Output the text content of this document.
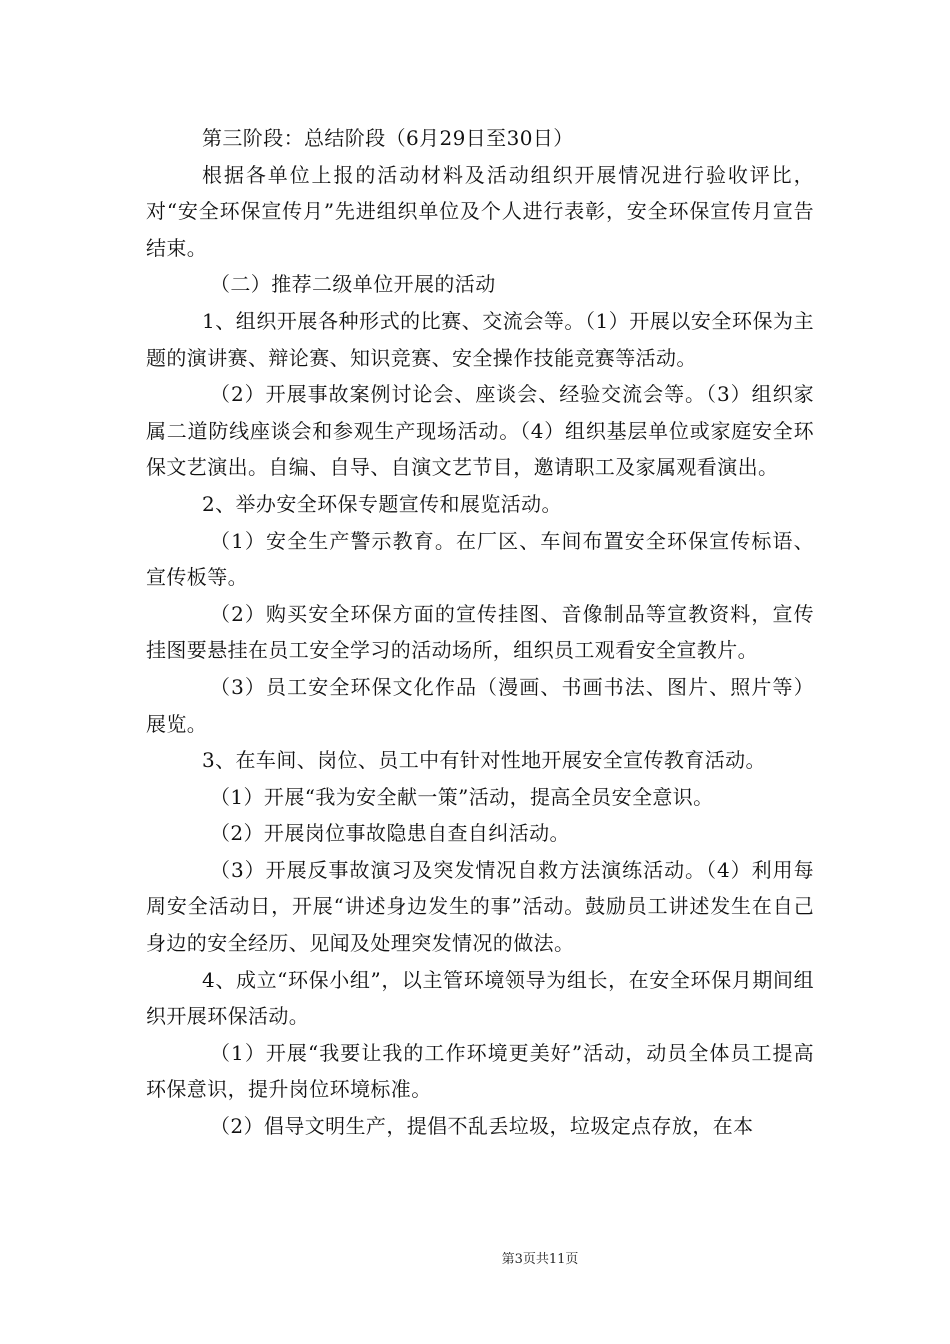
第三阶段：总结阶段（6月29日至30日）

根据各单位上报的活动材料及活动组织开展情况进行验收评比，对“安全环保宣传月”先进组织单位及个人进行表彰，安全环保宣传月宣告结束。

（二）推荐二级单位开展的活动

1、组织开展各种形式的比赛、交流会等。（1）开展以安全环保为主题的演讲赛、辩论赛、知识竞赛、安全操作技能竞赛等活动。

（2）开展事故案例讨论会、座谈会、经验交流会等。（3）组织家属二道防线座谈会和参观生产现场活动。（4）组织基层单位或家庭安全环保文艺演出。自编、自导、自演文艺节目，邀请职工及家属观看演出。

2、举办安全环保专题宣传和展览活动。

（1）安全生产警示教育。在厂区、车间布置安全环保宣传标语、宣传板等。

（2）购买安全环保方面的宣传挂图、音像制品等宣教资料，宣传挂图要悬挂在员工安全学习的活动场所，组织员工观看安全宣教片。

（3）员工安全环保文化作品（漫画、书画书法、图片、照片等）展览。

3、在车间、岗位、员工中有针对性地开展安全宣传教育活动。

（1）开展“我为安全献一策”活动，提高全员安全意识。

（2）开展岗位事故隐患自查自纠活动。

（3）开展反事故演习及突发情况自救方法演练活动。（4）利用每周安全活动日，开展“讲述身边发生的事”活动。鼓励员工讲述发生在自己身边的安全经历、见闻及处理突发情况的做法。

4、成立“环保小组”，以主管环境领导为组长，在安全环保月期间组织开展环保活动。

（1）开展“我要让我的工作环境更美好”活动，动员全体员工提高环保意识，提升岗位环境标准。

（2）倡导文明生产，提倡不乱丢垃圾，垃圾定点存放，在本

第3页共11页
